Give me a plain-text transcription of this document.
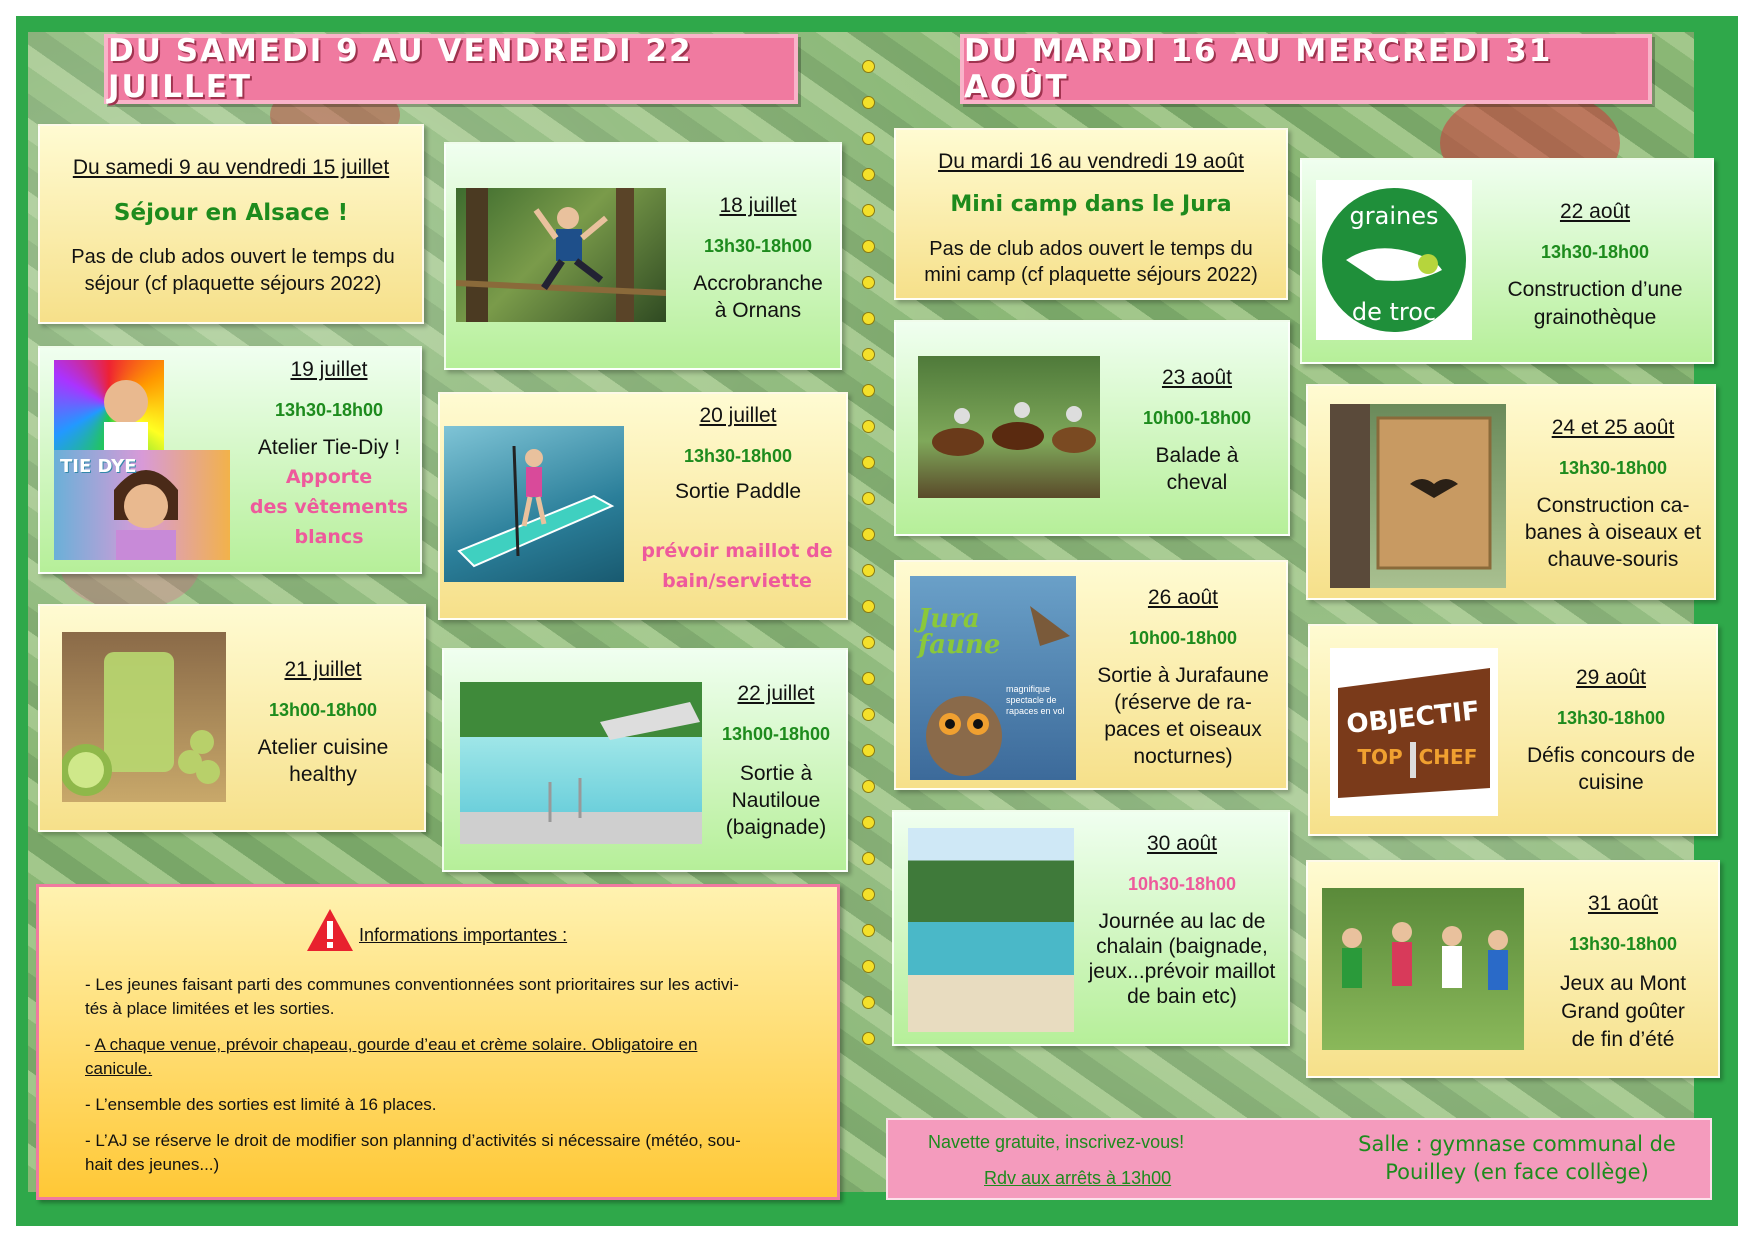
DU SAMEDI 9 AU VENDREDI 22 JUILLET
DU MARDI 16 AU MERCREDI 31 AOÛT
Du samedi 9 au vendredi 15 juillet
Séjour en Alsace !
Pas de club ados ouvert le temps du séjour (cf plaquette séjours 2022)
18 juillet
13h30-18h00
Accrobranche
à Ornans
TIE DYE
19 juillet
13h30-18h00
Atelier Tie-Diy !
Apporte
des vêtements
blancs
20 juillet
13h30-18h00
Sortie Paddle
prévoir maillot de
bain/serviette
21 juillet
13h00-18h00
Atelier cuisine
healthy
22 juillet
13h00-18h00
Sortie à
Nautiloue
(baignade)
Informations importantes :

- Les jeunes faisant parti des communes conventionnées sont prioritaires sur les activi-

tés à place limitées et les sorties.

- A chaque venue, prévoir chapeau, gourde d’eau et crème solaire. Obligatoire en

canicule.

- L’ensemble des sorties est limité à 16 places.

- L’AJ se réserve le droit de modifier son planning d’activités si nécessaire (météo, sou-

hait des jeunes...)

Du mardi 16 au vendredi 19 août
Mini camp dans le Jura
Pas de club ados ouvert le temps du
mini camp (cf plaquette séjours 2022)
graines
de troc
22 août
13h30-18h00
Construction d’une
grainothèque
23 août
10h00-18h00
Balade à
cheval
24 et 25 août
13h30-18h00
Construction ca-
banes à oiseaux et
chauve-souris
Jura faune
magnifique spectacle de rapaces en vol
26 août
10h00-18h00
Sortie à Jurafaune
(réserve de ra-
paces et oiseaux
nocturnes)
OBJECTIF
TOP CHEF
29 août
13h30-18h00
Défis concours de
cuisine
30 août
10h30-18h00
Journée au lac de
chalain (baignade,
jeux...prévoir maillot
de bain etc)
31 août
13h30-18h00
Jeux au Mont
Grand goûter
de fin d’été
Navette gratuite, inscrivez-vous!
Rdv aux arrêts à 13h00
Salle : gymnase communal de
Pouilley (en face collège)
